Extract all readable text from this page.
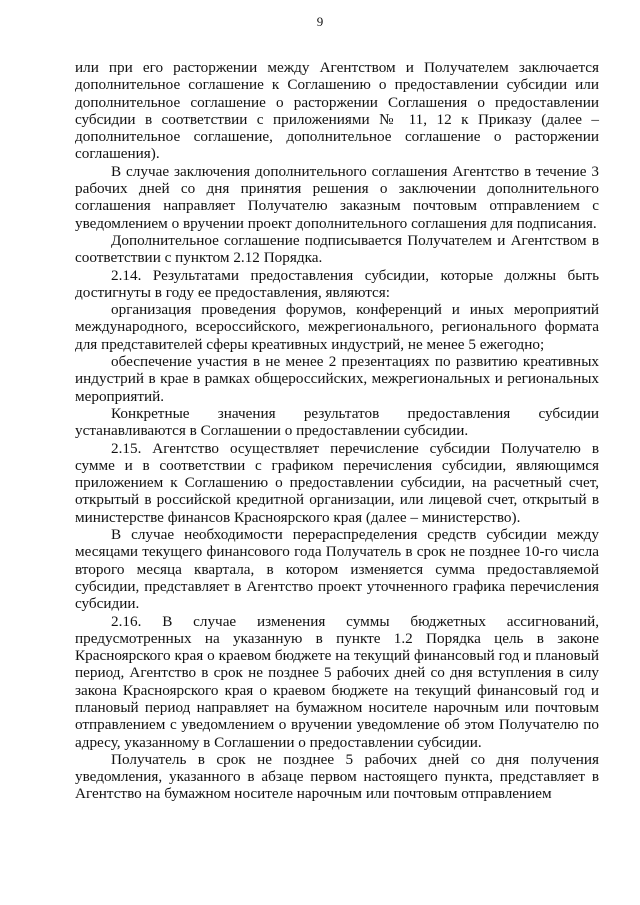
9

или при его расторжении между Агентством и Получателем заключается дополнительное соглашение к Соглашению о предоставлении субсидии или дополнительное соглашение о расторжении Соглашения о предоставлении субсидии в соответствии с приложениями № 11, 12 к Приказу (далее – дополнительное соглашение, дополнительное соглашение о расторжении соглашения).

В случае заключения дополнительного соглашения Агентство в течение 3 рабочих дней со дня принятия решения о заключении дополнительного соглашения направляет Получателю заказным почтовым отправлением с уведомлением о вручении проект дополнительного соглашения для подписания.

Дополнительное соглашение подписывается Получателем и Агентством в соответствии с пунктом 2.12 Порядка.

2.14. Результатами предоставления субсидии, которые должны быть достигнуты в году ее предоставления, являются:

организация проведения форумов, конференций и иных мероприятий международного, всероссийского, межрегионального, регионального формата для представителей сферы креативных индустрий, не менее 5 ежегодно;

обеспечение участия в не менее 2 презентациях по развитию креативных индустрий в крае в рамках общероссийских, межрегиональных и региональных мероприятий.

Конкретные значения результатов предоставления субсидии устанавливаются в Соглашении о предоставлении субсидии.

2.15. Агентство осуществляет перечисление субсидии Получателю в сумме и в соответствии с графиком перечисления субсидии, являющимся приложением к Соглашению о предоставлении субсидии, на расчетный счет, открытый в российской кредитной организации, или лицевой счет, открытый в министерстве финансов Красноярского края (далее – министерство).

В случае необходимости перераспределения средств субсидии между месяцами текущего финансового года Получатель в срок не позднее 10-го числа второго месяца квартала, в котором изменяется сумма предоставляемой субсидии, представляет в Агентство проект уточненного графика перечисления субсидии.

2.16. В случае изменения суммы бюджетных ассигнований, предусмотренных на указанную в пункте 1.2 Порядка цель в законе Красноярского края о краевом бюджете на текущий финансовый год и плановый период, Агентство в срок не позднее 5 рабочих дней со дня вступления в силу закона Красноярского края о краевом бюджете на текущий финансовый год и плановый период направляет на бумажном носителе нарочным или почтовым отправлением с уведомлением о вручении уведомление об этом Получателю по адресу, указанному в Соглашении о предоставлении субсидии.

Получатель в срок не позднее 5 рабочих дней со дня получения уведомления, указанного в абзаце первом настоящего пункта, представляет в Агентство на бумажном носителе нарочным или почтовым отправлением
